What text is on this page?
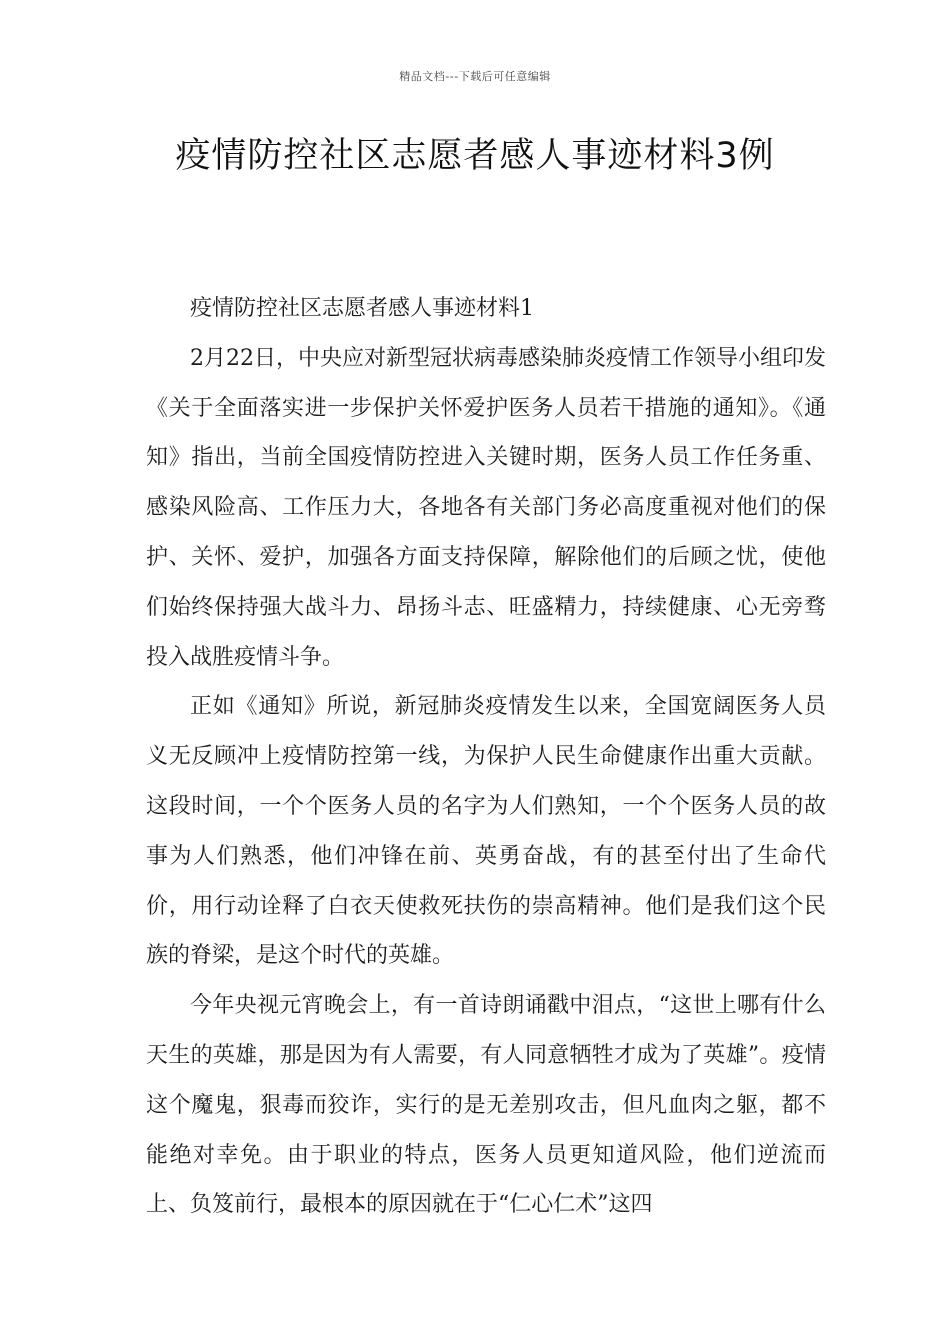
精品文档---下载后可任意编辑
疫情防控社区志愿者感人事迹材料3例

疫情防控社区志愿者感人事迹材料1

2月22日，中央应对新型冠状病毒感染肺炎疫情工作领导小组印发《关于全面落实进一步保护关怀爱护医务人员若干措施的通知》。《通知》指出，当前全国疫情防控进入关键时期，医务人员工作任务重、感染风险高、工作压力大，各地各有关部门务必高度重视对他们的保护、关怀、爱护，加强各方面支持保障，解除他们的后顾之忧，使他们始终保持强大战斗力、昂扬斗志、旺盛精力，持续健康、心无旁骛投入战胜疫情斗争。

正如《通知》所说，新冠肺炎疫情发生以来，全国宽阔医务人员义无反顾冲上疫情防控第一线，为保护人民生命健康作出重大贡献。这段时间，一个个医务人员的名字为人们熟知，一个个医务人员的故事为人们熟悉，他们冲锋在前、英勇奋战，有的甚至付出了生命代价，用行动诠释了白衣天使救死扶伤的崇高精神。他们是我们这个民族的脊梁，是这个时代的英雄。

今年央视元宵晚会上，有一首诗朗诵戳中泪点，“这世上哪有什么天生的英雄，那是因为有人需要，有人同意牺牲才成为了英雄”。疫情这个魔鬼，狠毒而狡诈，实行的是无差别攻击，但凡血肉之躯，都不能绝对幸免。由于职业的特点，医务人员更知道风险，他们逆流而上、负笈前行，最根本的原因就在于“仁心仁术”这四
